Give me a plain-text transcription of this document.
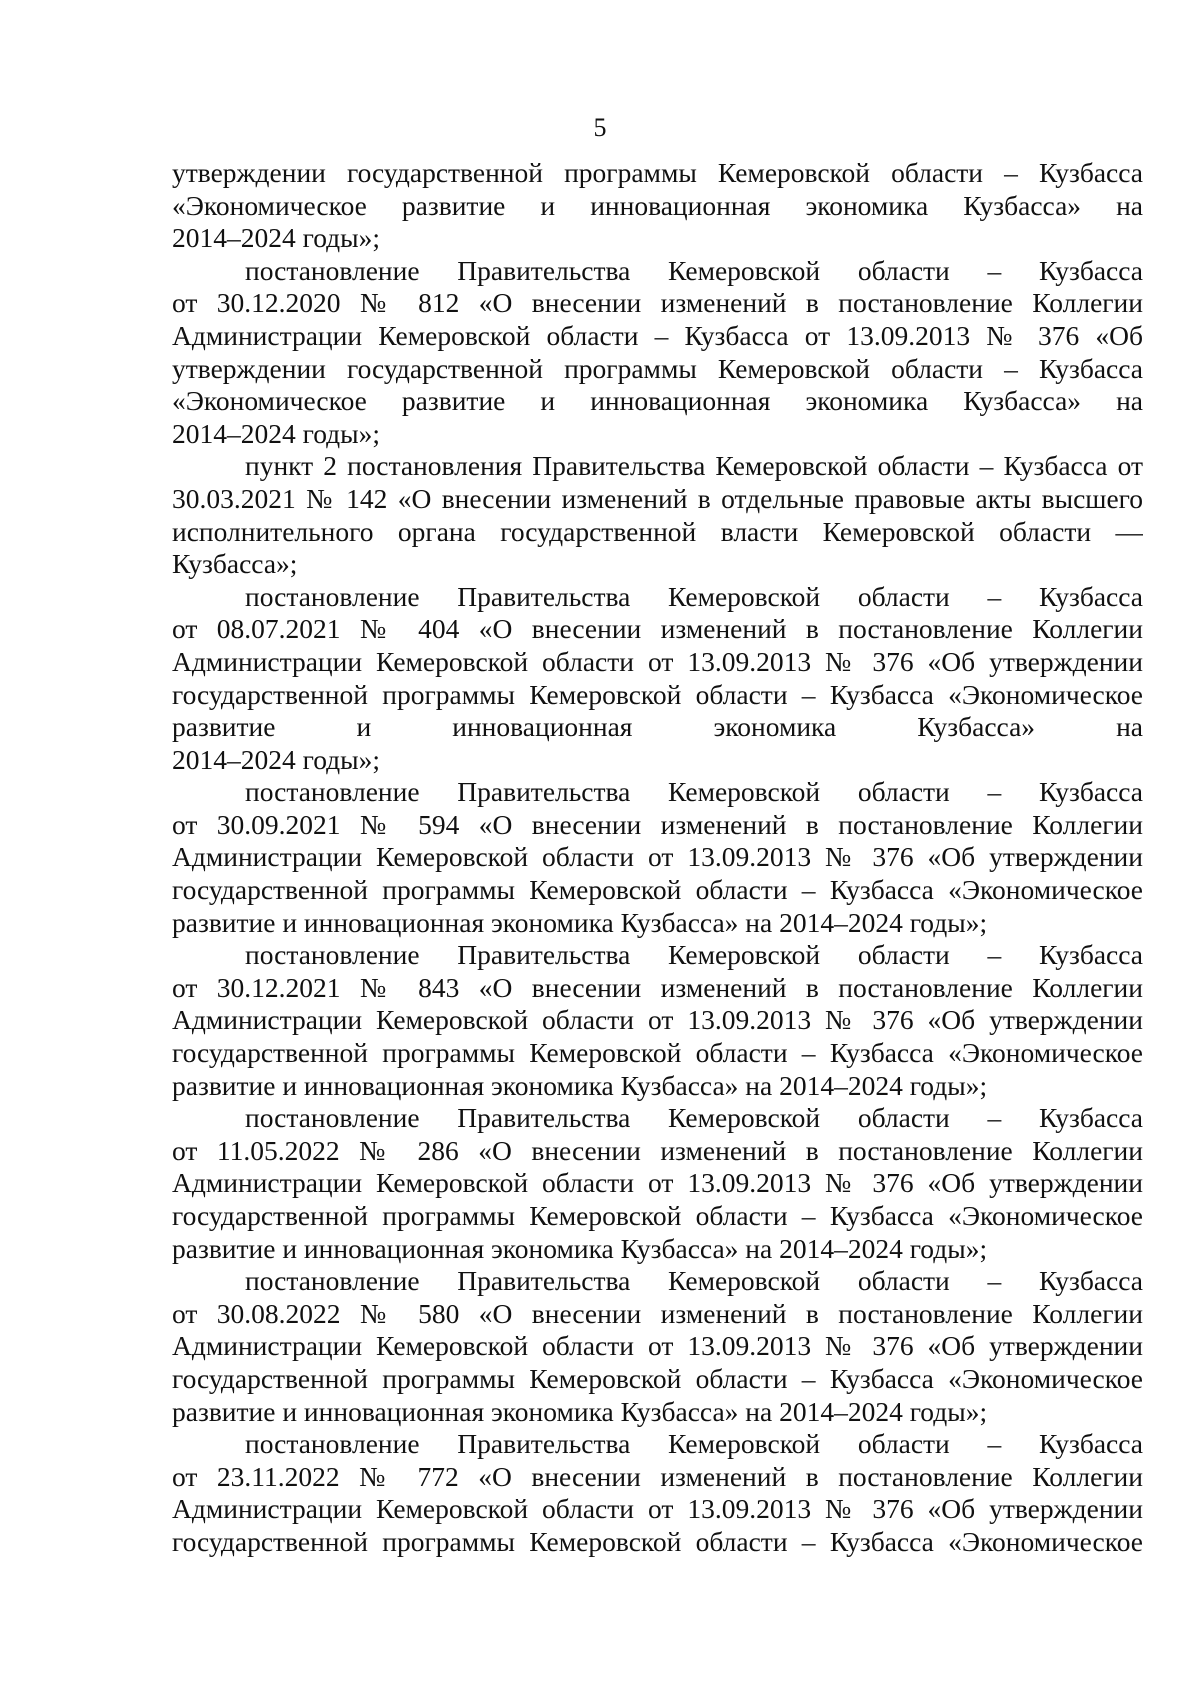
5
утверждении государственной программы Кемеровской области – Кузбасса
«Экономическое развитие и инновационная экономика Кузбасса» на
2014–2024 годы»;
постановление Правительства Кемеровской области – Кузбасса
от 30.12.2020 № 812 «О внесении изменений в постановление Коллегии
Администрации Кемеровской области – Кузбасса от 13.09.2013 № 376 «Об
утверждении государственной программы Кемеровской области – Кузбасса
«Экономическое развитие и инновационная экономика Кузбасса» на
2014–2024 годы»;
пункт 2 постановления Правительства Кемеровской области – Кузбасса от
30.03.2021 № 142 «О внесении изменений в отдельные правовые акты высшего
исполнительного органа государственной власти Кемеровской области —
Кузбасса»;
постановление Правительства Кемеровской области – Кузбасса
от 08.07.2021 № 404 «О внесении изменений в постановление Коллегии
Администрации Кемеровской области от 13.09.2013 № 376 «Об утверждении
государственной программы Кемеровской области – Кузбасса «Экономическое
развитие и инновационная экономика Кузбасса» на
2014–2024 годы»;
постановление Правительства Кемеровской области – Кузбасса
от 30.09.2021 № 594 «О внесении изменений в постановление Коллегии
Администрации Кемеровской области от 13.09.2013 № 376 «Об утверждении
государственной программы Кемеровской области – Кузбасса «Экономическое
развитие и инновационная экономика Кузбасса» на 2014–2024 годы»;
постановление Правительства Кемеровской области – Кузбасса
от 30.12.2021 № 843 «О внесении изменений в постановление Коллегии
Администрации Кемеровской области от 13.09.2013 № 376 «Об утверждении
государственной программы Кемеровской области – Кузбасса «Экономическое
развитие и инновационная экономика Кузбасса» на 2014–2024 годы»;
постановление Правительства Кемеровской области – Кузбасса
от 11.05.2022 № 286 «О внесении изменений в постановление Коллегии
Администрации Кемеровской области от 13.09.2013 № 376 «Об утверждении
государственной программы Кемеровской области – Кузбасса «Экономическое
развитие и инновационная экономика Кузбасса» на 2014–2024 годы»;
постановление Правительства Кемеровской области – Кузбасса
от 30.08.2022 № 580 «О внесении изменений в постановление Коллегии
Администрации Кемеровской области от 13.09.2013 № 376 «Об утверждении
государственной программы Кемеровской области – Кузбасса «Экономическое
развитие и инновационная экономика Кузбасса» на 2014–2024 годы»;
постановление Правительства Кемеровской области – Кузбасса
от 23.11.2022 № 772 «О внесении изменений в постановление Коллегии
Администрации Кемеровской области от 13.09.2013 № 376 «Об утверждении
государственной программы Кемеровской области – Кузбасса «Экономическое
